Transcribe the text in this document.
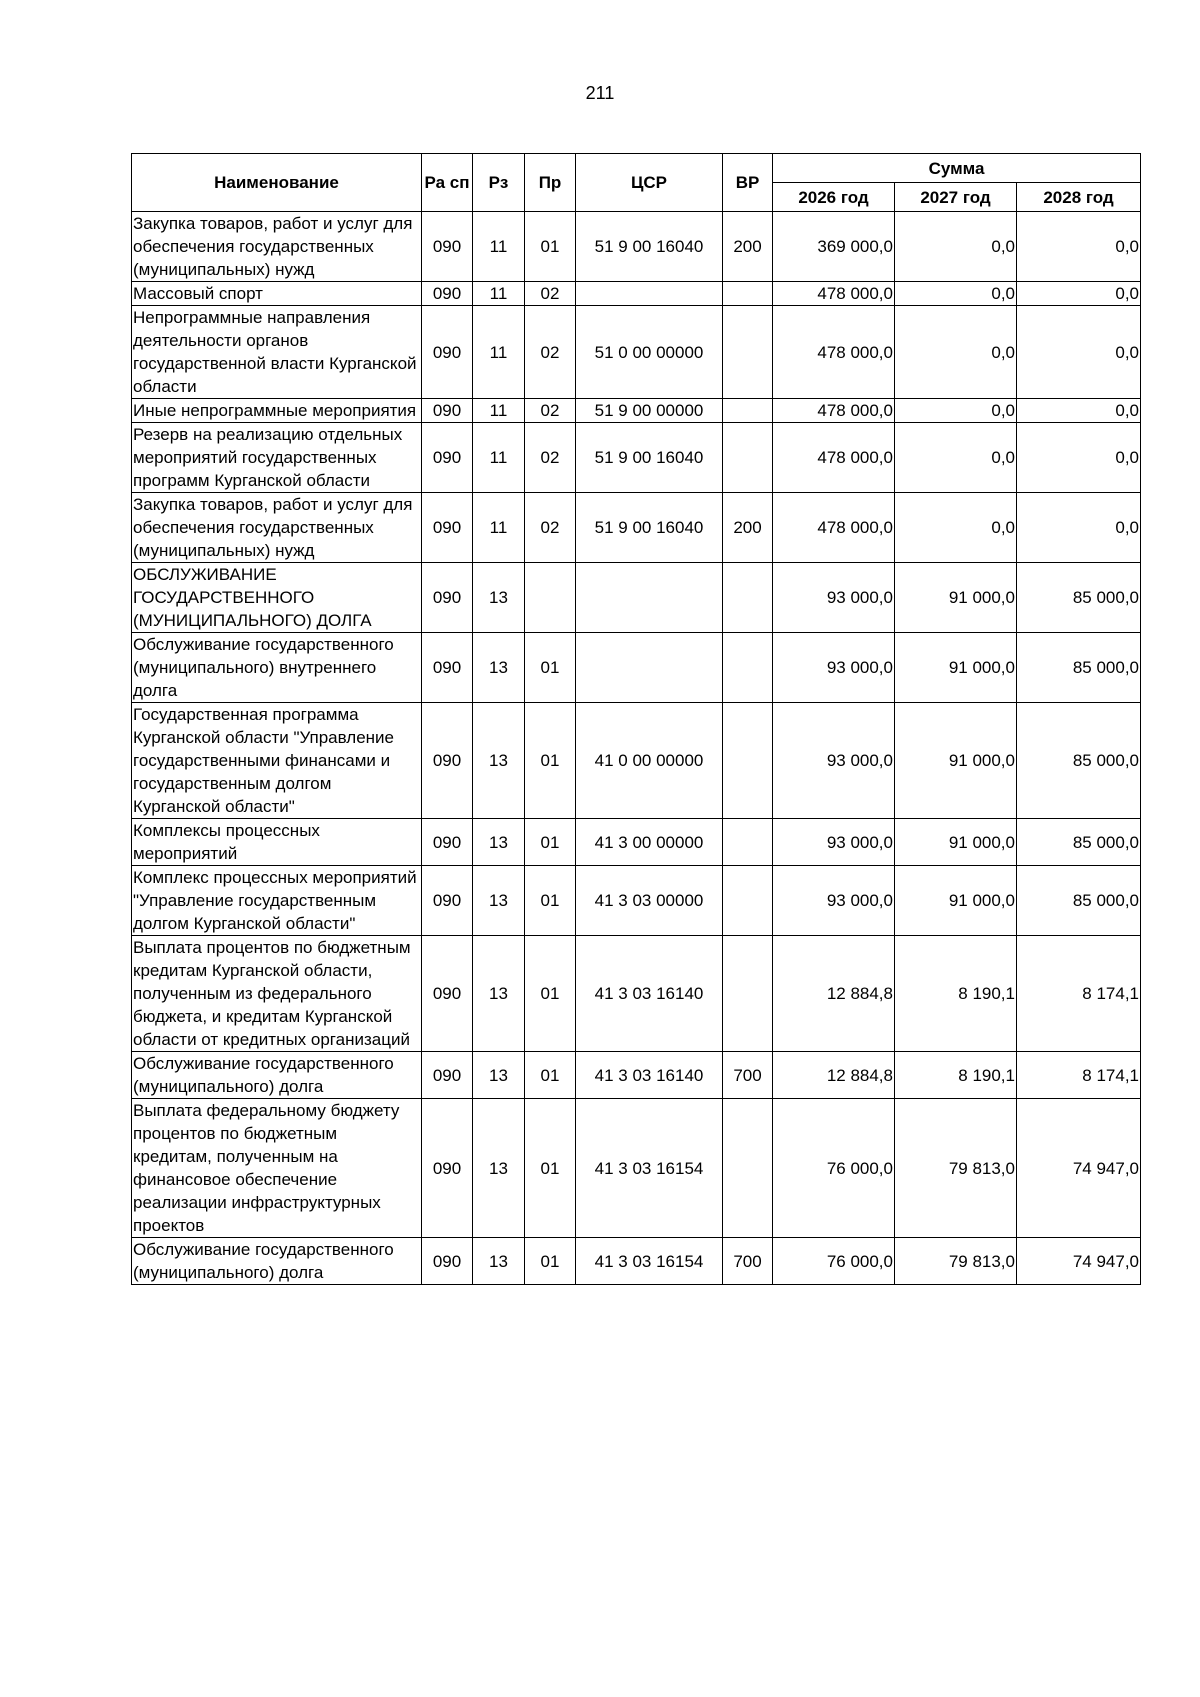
211
Наименование	Ра сп	Рз	Пр	ЦСР	ВР	Сумма		
						2026 год	2027 год	2028 год
Закупка товаров, работ и услуг для обеспечения государственных (муниципальных) нужд	090	11	01	51 9 00 16040	200	369 000,0	0,0	0,0
Массовый спорт	090	11	02			478 000,0	0,0	0,0
Непрограммные направления деятельности органов государственной власти Курганской области	090	11	02	51 0 00 00000		478 000,0	0,0	0,0
Иные непрограммные мероприятия	090	11	02	51 9 00 00000		478 000,0	0,0	0,0
Резерв на реализацию отдельных мероприятий государственных программ Курганской области	090	11	02	51 9 00 16040		478 000,0	0,0	0,0
Закупка товаров, работ и услуг для обеспечения государственных (муниципальных) нужд	090	11	02	51 9 00 16040	200	478 000,0	0,0	0,0
ОБСЛУЖИВАНИЕ ГОСУДАРСТВЕННОГО (МУНИЦИПАЛЬНОГО) ДОЛГА	090	13				93 000,0	91 000,0	85 000,0
Обслуживание государственного (муниципального) внутреннего долга	090	13	01			93 000,0	91 000,0	85 000,0
Государственная программа Курганской области "Управление государственными финансами и государственным долгом Курганской области"	090	13	01	41 0 00 00000		93 000,0	91 000,0	85 000,0
Комплексы процессных мероприятий	090	13	01	41 3 00 00000		93 000,0	91 000,0	85 000,0
Комплекс процессных мероприятий "Управление государственным долгом Курганской области"	090	13	01	41 3 03 00000		93 000,0	91 000,0	85 000,0
Выплата процентов по бюджетным кредитам Курганской области, полученным из федерального бюджета, и кредитам Курганской области от кредитных организаций	090	13	01	41 3 03 16140		12 884,8	8 190,1	8 174,1
Обслуживание государственного (муниципального) долга	090	13	01	41 3 03 16140	700	12 884,8	8 190,1	8 174,1
Выплата федеральному бюджету процентов по бюджетным кредитам, полученным на финансовое обеспечение реализации инфраструктурных проектов	090	13	01	41 3 03 16154		76 000,0	79 813,0	74 947,0
Обслуживание государственного (муниципального) долга	090	13	01	41 3 03 16154	700	76 000,0	79 813,0	74 947,0
